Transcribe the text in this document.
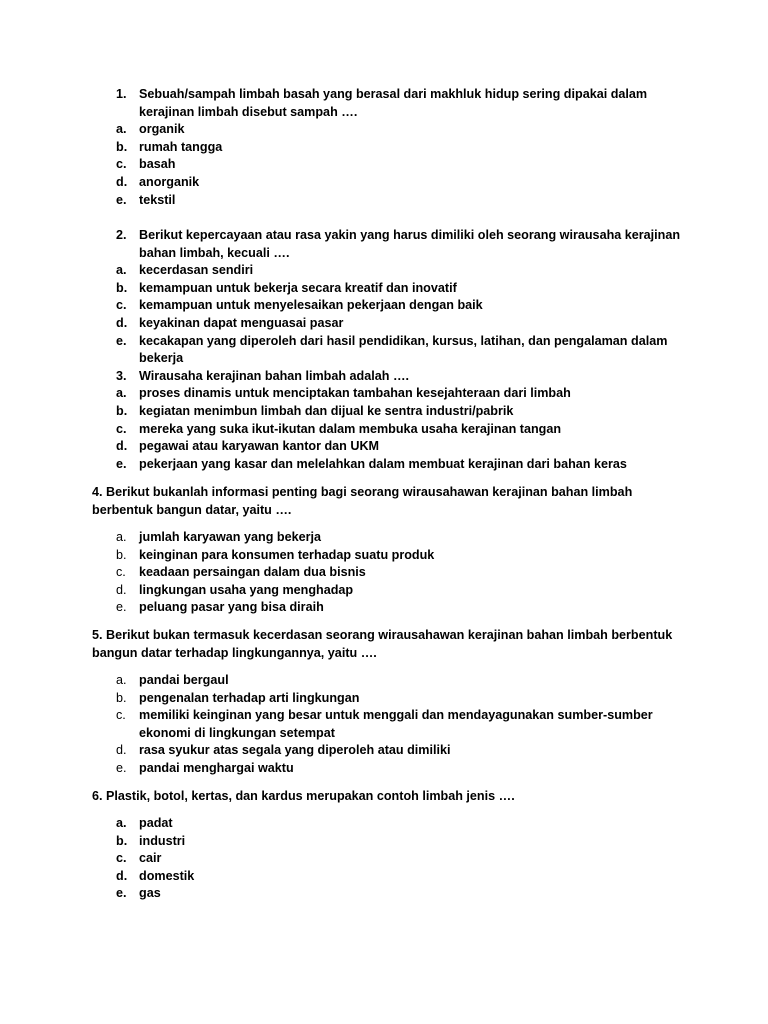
1. Sebuah/sampah limbah basah yang berasal dari makhluk hidup sering dipakai dalam
kerajinan limbah disebut sampah ….
a. organik
b. rumah tangga
c. basah
d. anorganik
e. tekstil
2. Berikut kepercayaan atau rasa yakin yang harus dimiliki oleh seorang wirausaha kerajinan
bahan limbah, kecuali ….
a. kecerdasan sendiri
b. kemampuan untuk bekerja secara kreatif dan inovatif
c. kemampuan untuk menyelesaikan pekerjaan dengan baik
d. keyakinan dapat menguasai pasar
e. kecakapan yang diperoleh dari hasil pendidikan, kursus, latihan, dan pengalaman dalam
bekerja
3. Wirausaha kerajinan bahan limbah adalah ….
a. proses dinamis untuk menciptakan tambahan kesejahteraan dari limbah
b. kegiatan menimbun limbah dan dijual ke sentra industri/pabrik
c. mereka yang suka ikut-ikutan dalam membuka usaha kerajinan tangan
d. pegawai atau karyawan kantor dan UKM
e. pekerjaan yang kasar dan melelahkan dalam membuat kerajinan dari bahan keras
4. Berikut bukanlah informasi penting bagi seorang wirausahawan kerajinan bahan limbah berbentuk bangun datar, yaitu ….
a. jumlah karyawan yang bekerja
b. keinginan para konsumen terhadap suatu produk
c. keadaan persaingan dalam dua bisnis
d. lingkungan usaha yang menghadap
e. peluang pasar yang bisa diraih
5. Berikut bukan termasuk kecerdasan seorang wirausahawan kerajinan bahan limbah berbentuk bangun datar terhadap lingkungannya, yaitu ….
a. pandai bergaul
b. pengenalan terhadap arti lingkungan
c. memiliki keinginan yang besar untuk menggali dan mendayagunakan sumber-sumber
ekonomi di lingkungan setempat
d. rasa syukur atas segala yang diperoleh atau dimiliki
e. pandai menghargai waktu
6. Plastik, botol, kertas, dan kardus merupakan contoh limbah jenis ….
a. padat
b. industri
c. cair
d. domestik
e. gas
